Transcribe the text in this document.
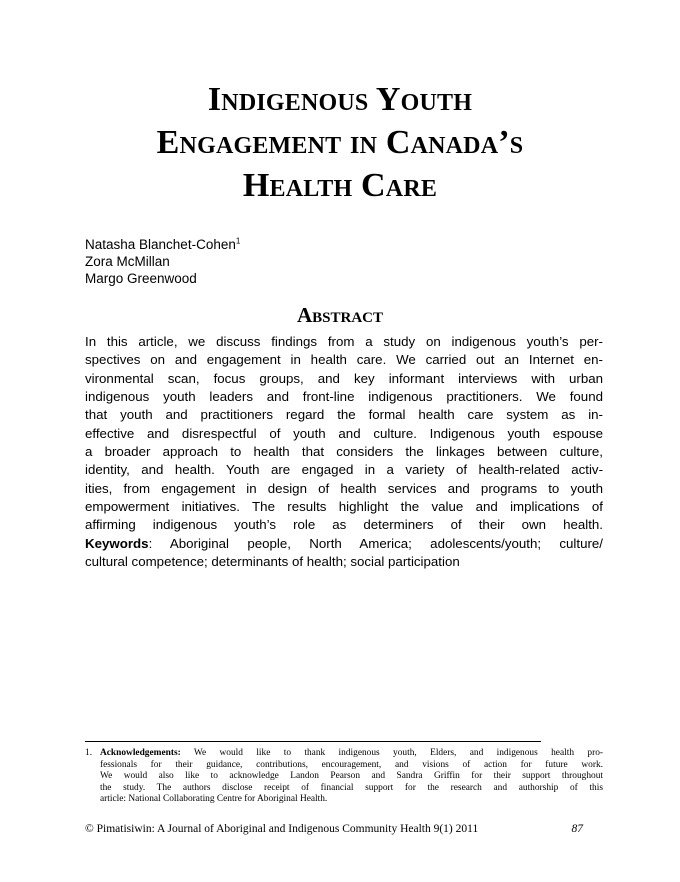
Indigenous Youth
Engagement in Canada’s
Health Care
Natasha Blanchet-Cohen$^1$
Zora McMillan
Margo Greenwood
Abstract
In this article, we discuss findings from a study on indigenous youth’s per-
spectives on and engagement in health care. We carried out an Internet en-
vironmental scan, focus groups, and key informant interviews with urban
indigenous youth leaders and front-line indigenous practitioners. We found
that youth and practitioners regard the formal health care system as in-
effective and disrespectful of youth and culture. Indigenous youth espouse
a broader approach to health that considers the linkages between culture,
identity, and health. Youth are engaged in a variety of health-related activ-
ities, from engagement in design of health services and programs to youth
empowerment initiatives. The results highlight the value and implications of
affirming indigenous youth’s role as determiners of their own health.
Keywords: Aboriginal people, North America; adolescents/youth; culture/
cultural competence; determinants of health; social participation
1. Acknowledgements: We would like to thank indigenous youth, Elders, and indigenous health pro-
fessionals for their guidance, contributions, encouragement, and visions of action for future work.
We would also like to acknowledge Landon Pearson and Sandra Griffin for their support throughout
the study. The authors disclose receipt of financial support for the research and authorship of this
article: National Collaborating Centre for Aboriginal Health.
© Pimatisiwin: A Journal of Aboriginal and Indigenous Community Health 9(1) 2011	87
